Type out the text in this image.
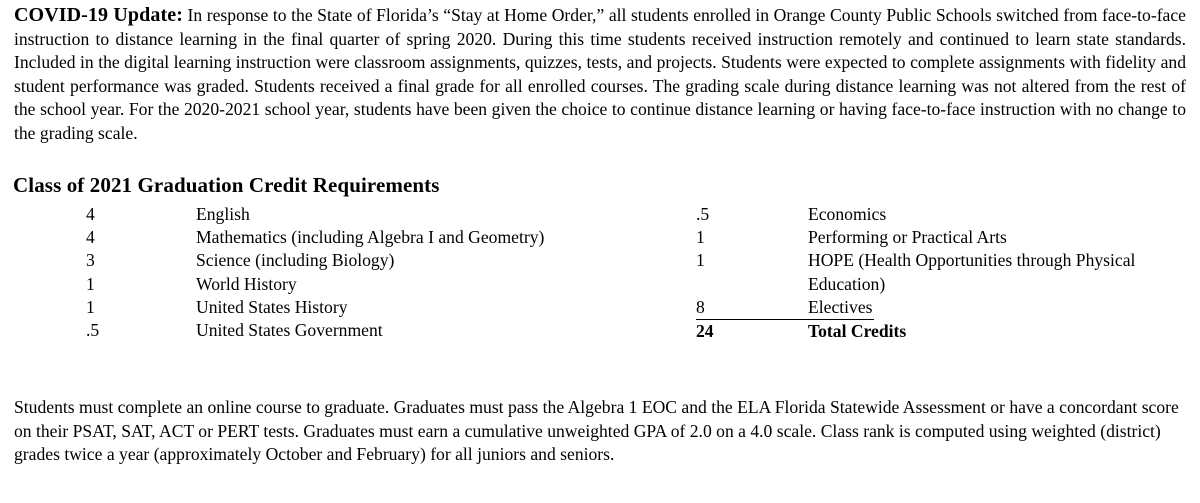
COVID-19 Update: In response to the State of Florida’s “Stay at Home Order,” all students enrolled in Orange County Public Schools switched from face-to-face instruction to distance learning in the final quarter of spring 2020. During this time students received instruction remotely and continued to learn state standards. Included in the digital learning instruction were classroom assignments, quizzes, tests, and projects. Students were expected to complete assignments with fidelity and student performance was graded. Students received a final grade for all enrolled courses. The grading scale during distance learning was not altered from the rest of the school year. For the 2020-2021 school year, students have been given the choice to continue distance learning or having face-to-face instruction with no change to the grading scale.

Class of 2021 Graduation Credit Requirements
4	English
4	Mathematics (including Algebra I and Geometry)
3	Science (including Biology)
1	World History
1	United States History
.5	United States Government
.5	Economics
1	Performing or Practical Arts
1	HOPE (Health Opportunities through Physical Education)
8	Electives
24	Total Credits

Students must complete an online course to graduate. Graduates must pass the Algebra 1 EOC and the ELA Florida Statewide Assessment or have a concordant score on their PSAT, SAT, ACT or PERT tests. Graduates must earn a cumulative unweighted GPA of 2.0 on a 4.0 scale. Class rank is computed using weighted (district) grades twice a year (approximately October and February) for all juniors and seniors.
